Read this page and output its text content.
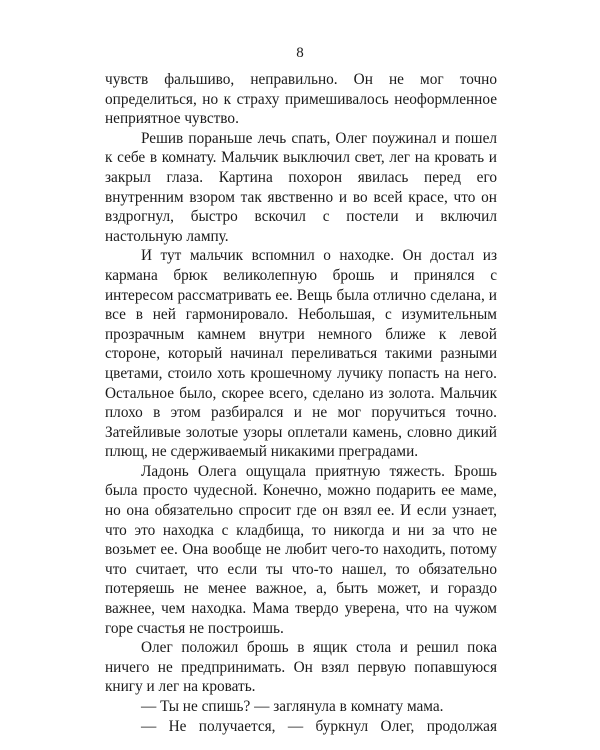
8

чувств фальшиво, неправильно. Он не мог точно определиться, но к страху примешивалось неоформленное неприятное чувство.

Решив пораньше лечь спать, Олег поужинал и пошел к себе в комнату. Мальчик выключил свет, лег на кровать и закрыл глаза. Картина похорон явилась перед его внутренним взором так явственно и во всей красе, что он вздрогнул, быстро вскочил с постели и включил настольную лампу.

И тут мальчик вспомнил о находке. Он достал из кармана брюк великолепную брошь и принялся с интересом рассматривать ее. Вещь была отлично сделана, и все в ней гармонировало. Небольшая, с изумительным прозрачным камнем внутри немного ближе к левой стороне, который начинал переливаться такими разными цветами, стоило хоть крошечному лучику попасть на него. Остальное было, скорее всего, сделано из золота. Мальчик плохо в этом разбирался и не мог поручиться точно. Затейливые золотые узоры оплетали камень, словно дикий плющ, не сдерживаемый никакими преградами.

Ладонь Олега ощущала приятную тяжесть. Брошь была просто чудесной. Конечно, можно подарить ее маме, но она обязательно спросит где он взял ее. И если узнает, что это находка с кладбища, то никогда и ни за что не возьмет ее. Она вообще не любит чего-то находить, потому что считает, что если ты что-то нашел, то обязательно потеряешь не менее важное, а, быть может, и гораздо важнее, чем находка. Мама твердо уверена, что на чужом горе счастья не построишь.

Олег положил брошь в ящик стола и решил пока ничего не предпринимать. Он взял первую попавшуюся книгу и лег на кровать.

— Ты не спишь? — заглянула в комнату мама.

— Не получается, — буркнул Олег, продолжая
